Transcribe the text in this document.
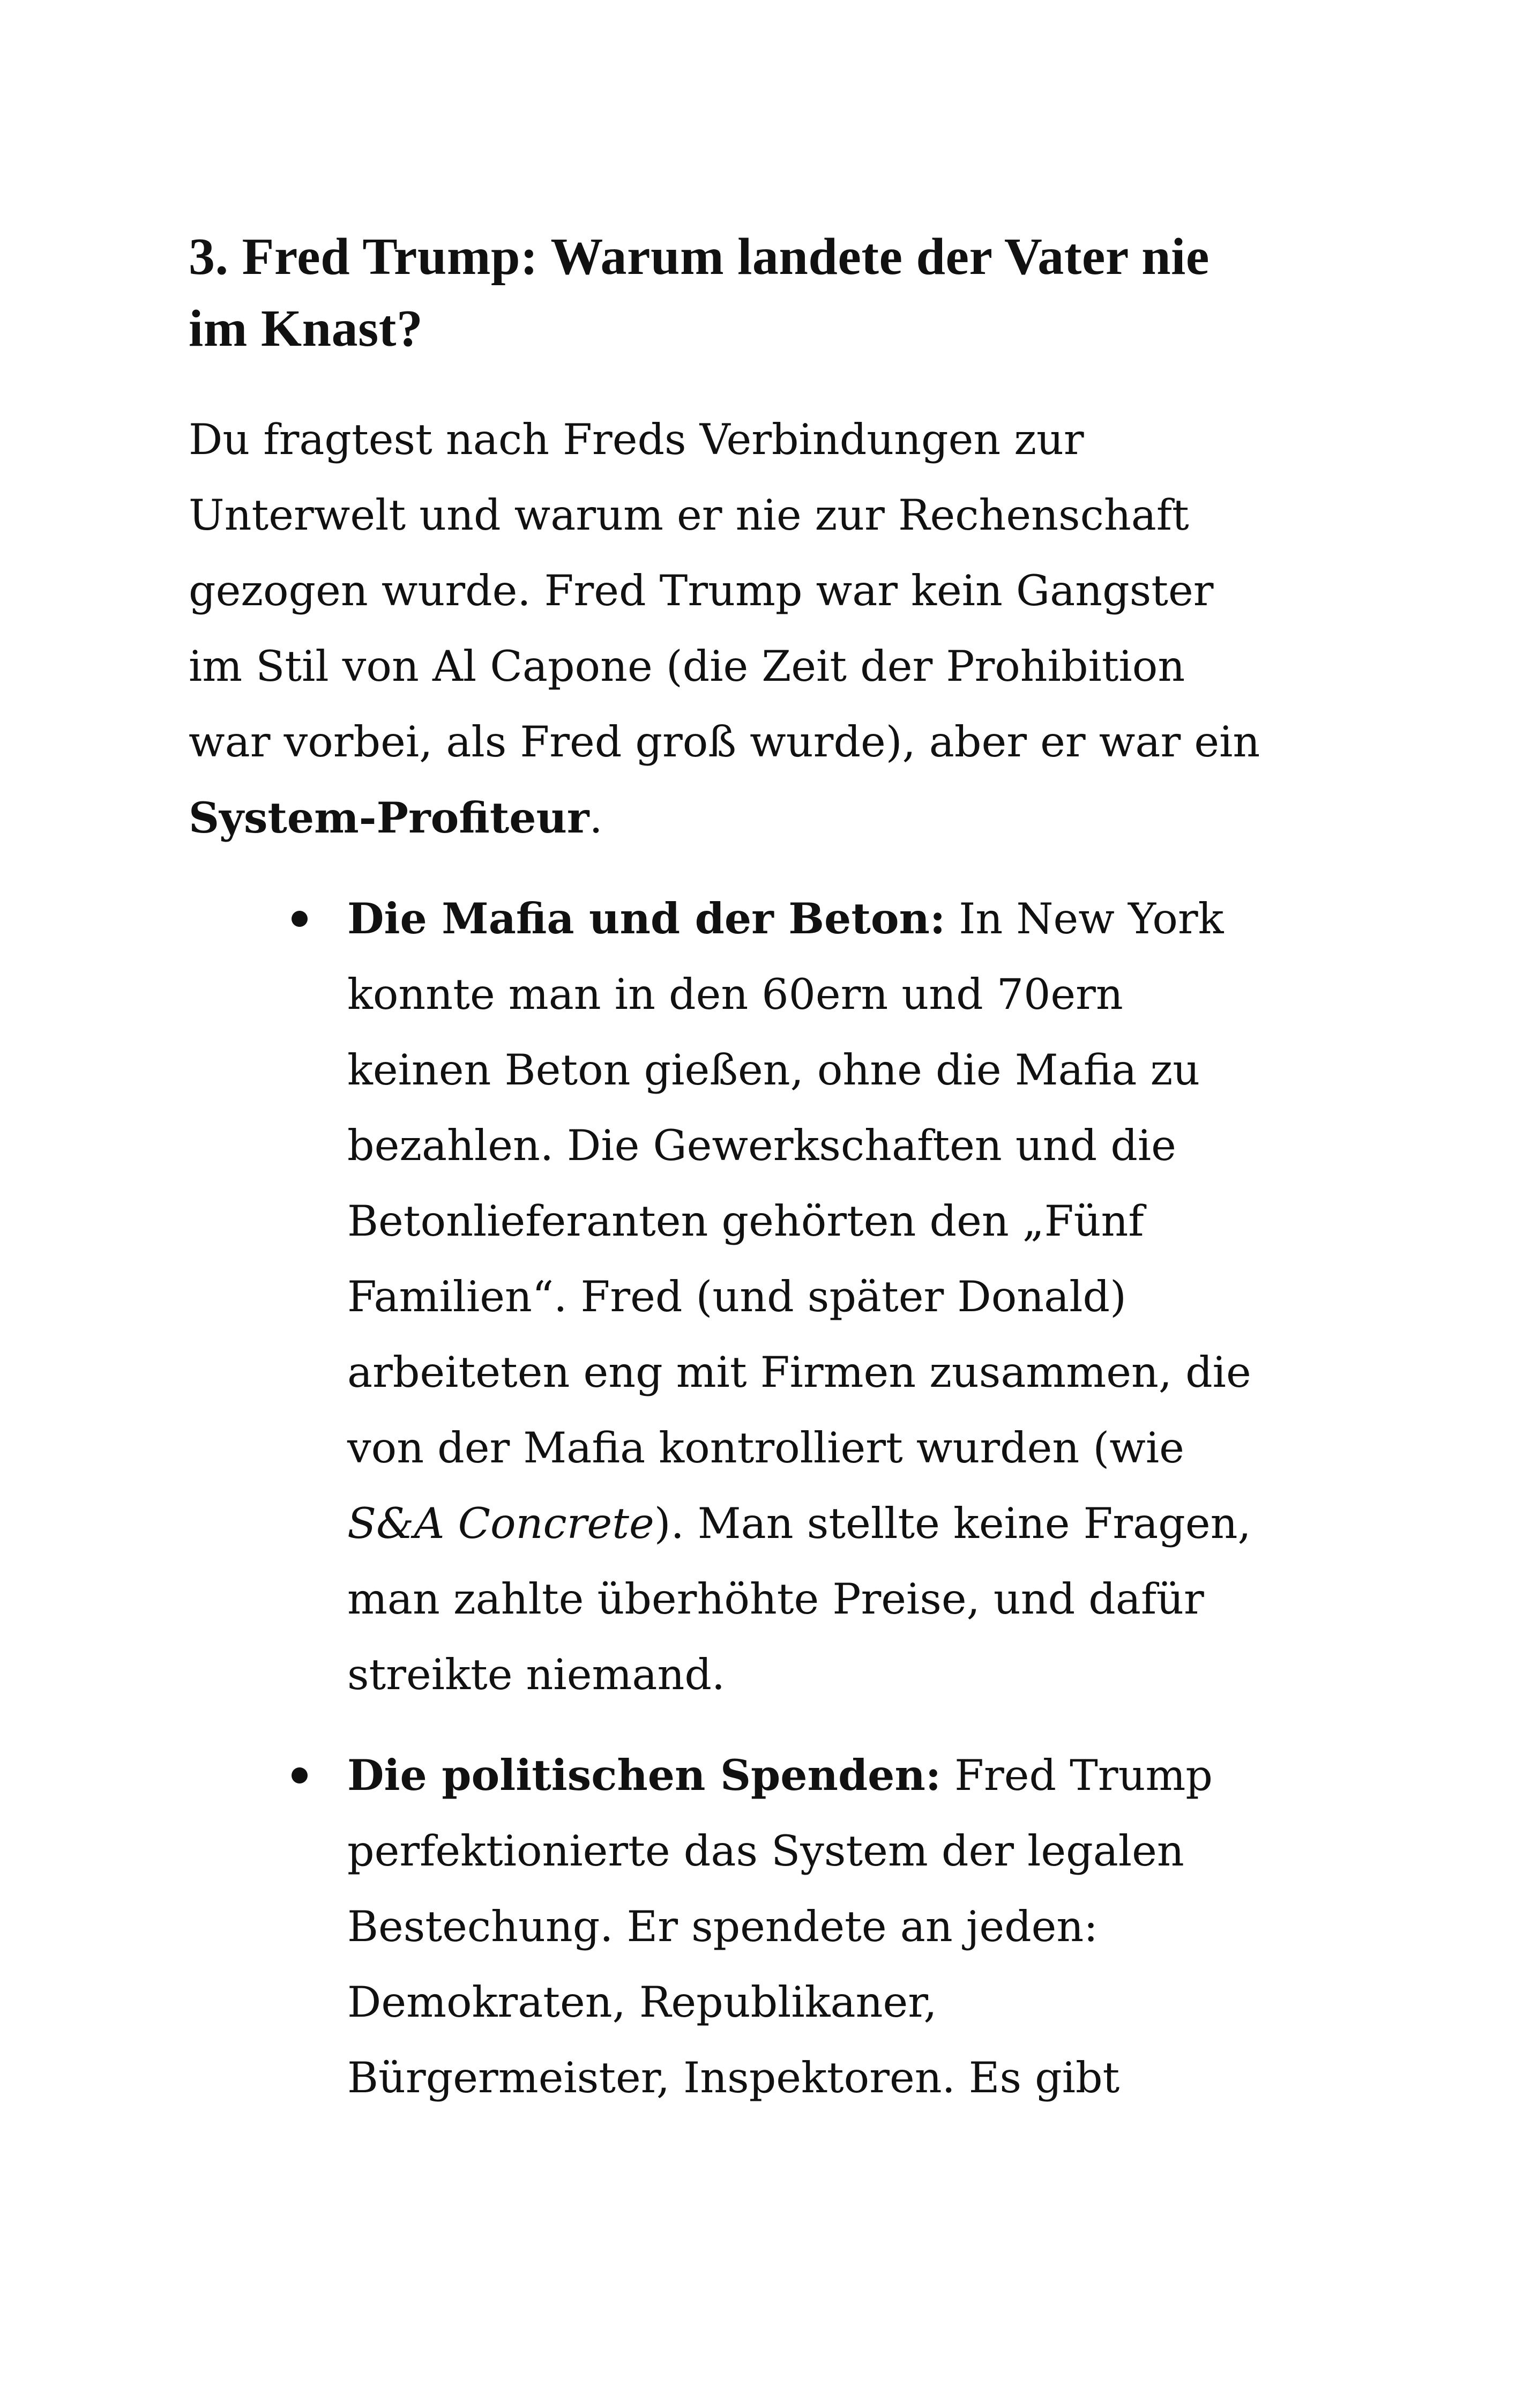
3. Fred Trump: Warum landete der Vater nie
im Knast?

Du fragtest nach Freds Verbindungen zur
Unterwelt und warum er nie zur Rechenschaft
gezogen wurde. Fred Trump war kein Gangster
im Stil von Al Capone (die Zeit der Prohibition
war vorbei, als Fred groß wurde), aber er war ein
System-Profiteur.

Die Mafia und der Beton: In New York
konnte man in den 60ern und 70ern
keinen Beton gießen, ohne die Mafia zu
bezahlen. Die Gewerkschaften und die
Betonlieferanten gehörten den „Fünf
Familien“. Fred (und später Donald)
arbeiteten eng mit Firmen zusammen, die
von der Mafia kontrolliert wurden (wie
S&A Concrete). Man stellte keine Fragen,
man zahlte überhöhte Preise, und dafür
streikte niemand.
Die politischen Spenden: Fred Trump
perfektionierte das System der legalen
Bestechung. Er spendete an jeden:
Demokraten, Republikaner,
Bürgermeister, Inspektoren. Es gibt
